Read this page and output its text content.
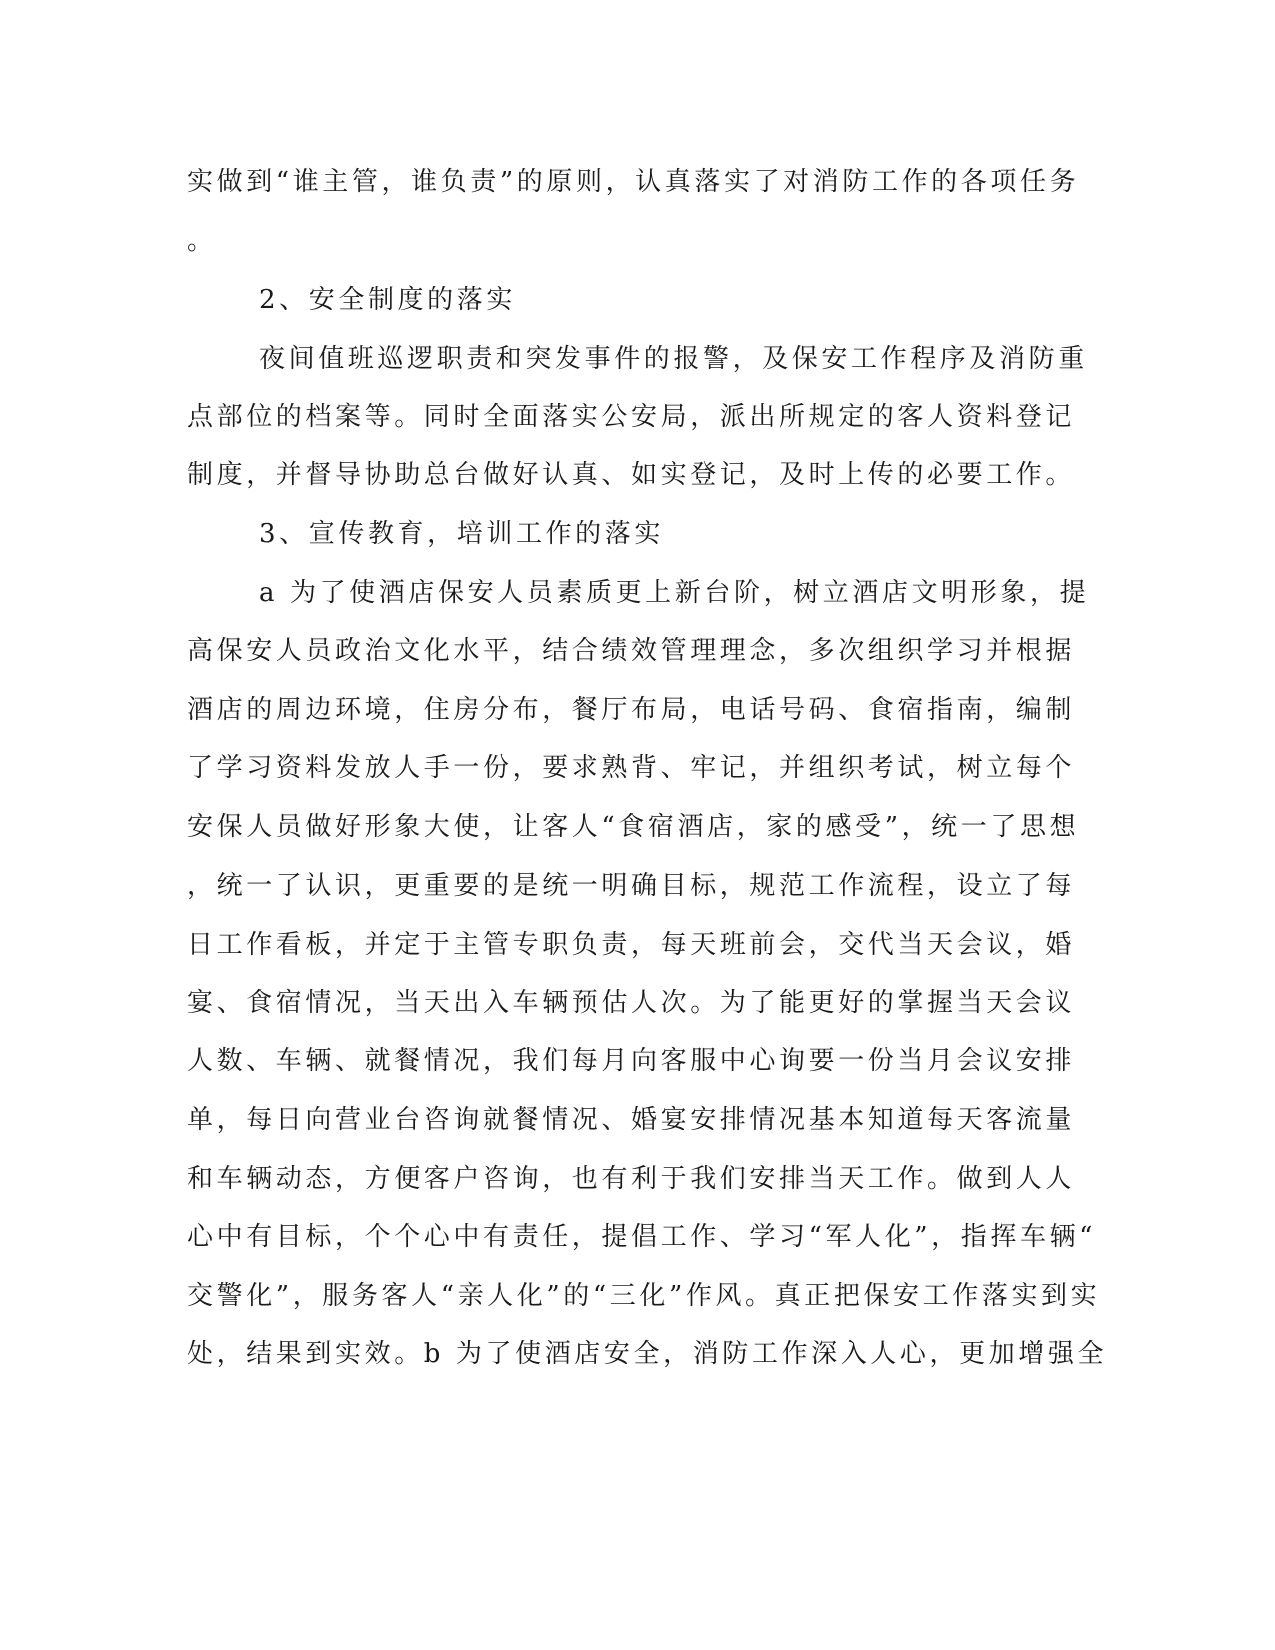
实做到“谁主管，谁负责”的原则，认真落实了对消防工作的各项任务
。
2、安全制度的落实
夜间值班巡逻职责和突发事件的报警，及保安工作程序及消防重
点部位的档案等。同时全面落实公安局，派出所规定的客人资料登记
制度，并督导协助总台做好认真、如实登记，及时上传的必要工作。
3、宣传教育，培训工作的落实
a 为了使酒店保安人员素质更上新台阶，树立酒店文明形象，提
高保安人员政治文化水平，结合绩效管理理念，多次组织学习并根据
酒店的周边环境，住房分布，餐厅布局，电话号码、食宿指南，编制
了学习资料发放人手一份，要求熟背、牢记，并组织考试，树立每个
安保人员做好形象大使，让客人“食宿酒店，家的感受”，统一了思想
，统一了认识，更重要的是统一明确目标，规范工作流程，设立了每
日工作看板，并定于主管专职负责，每天班前会，交代当天会议，婚
宴、食宿情况，当天出入车辆预估人次。为了能更好的掌握当天会议
人数、车辆、就餐情况，我们每月向客服中心询要一份当月会议安排
单，每日向营业台咨询就餐情况、婚宴安排情况基本知道每天客流量
和车辆动态，方便客户咨询，也有利于我们安排当天工作。做到人人
心中有目标，个个心中有责任，提倡工作、学习“军人化”，指挥车辆“
交警化”，服务客人“亲人化”的“三化”作风。真正把保安工作落实到实
处，结果到实效。b 为了使酒店安全，消防工作深入人心，更加增强全
